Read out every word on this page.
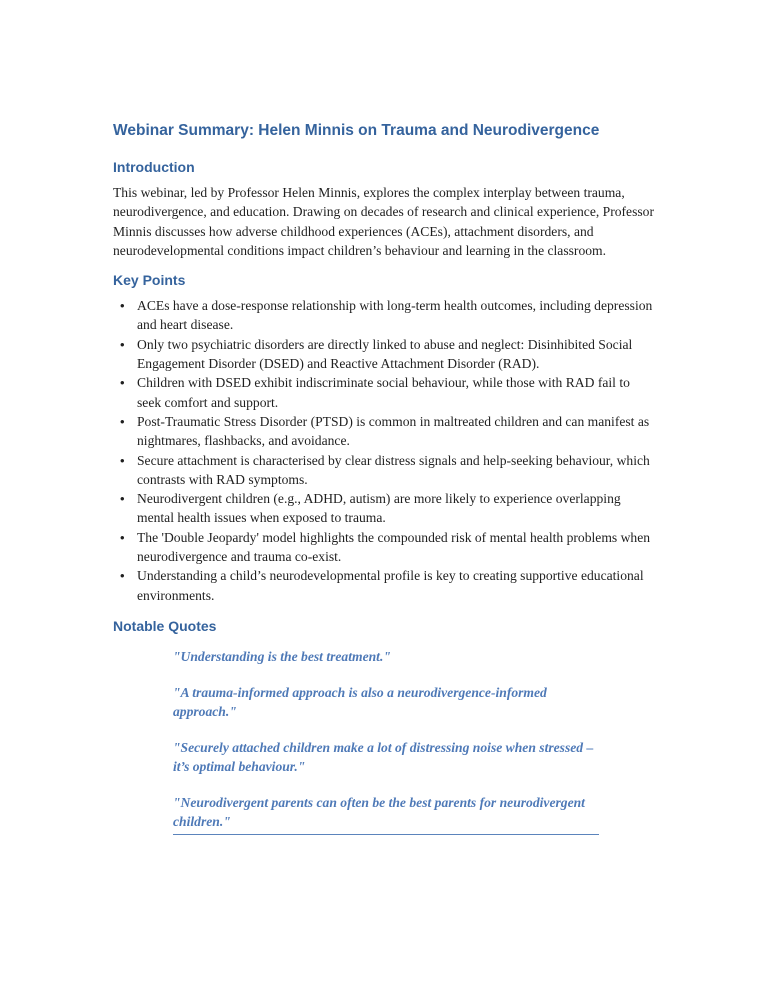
Webinar Summary: Helen Minnis on Trauma and Neurodivergence
Introduction

This webinar, led by Professor Helen Minnis, explores the complex interplay between trauma, neurodivergence, and education. Drawing on decades of research and clinical experience, Professor Minnis discusses how adverse childhood experiences (ACEs), attachment disorders, and neurodevelopmental conditions impact children’s behaviour and learning in the classroom.

Key Points
• ACEs have a dose-response relationship with long-term health outcomes, including depression and heart disease.
• Only two psychiatric disorders are directly linked to abuse and neglect: Disinhibited Social Engagement Disorder (DSED) and Reactive Attachment Disorder (RAD).
• Children with DSED exhibit indiscriminate social behaviour, while those with RAD fail to seek comfort and support.
• Post-Traumatic Stress Disorder (PTSD) is common in maltreated children and can manifest as nightmares, flashbacks, and avoidance.
• Secure attachment is characterised by clear distress signals and help-seeking behaviour, which contrasts with RAD symptoms.
• Neurodivergent children (e.g., ADHD, autism) are more likely to experience overlapping mental health issues when exposed to trauma.
• The 'Double Jeopardy' model highlights the compounded risk of mental health problems when neurodivergence and trauma co-exist.
• Understanding a child’s neurodevelopmental profile is key to creating supportive educational environments.
Notable Quotes

"Understanding is the best treatment."

"A trauma-informed approach is also a neurodivergence-informed approach."

"Securely attached children make a lot of distressing noise when stressed – it’s optimal behaviour."

"Neurodivergent parents can often be the best parents for neurodivergent children."
